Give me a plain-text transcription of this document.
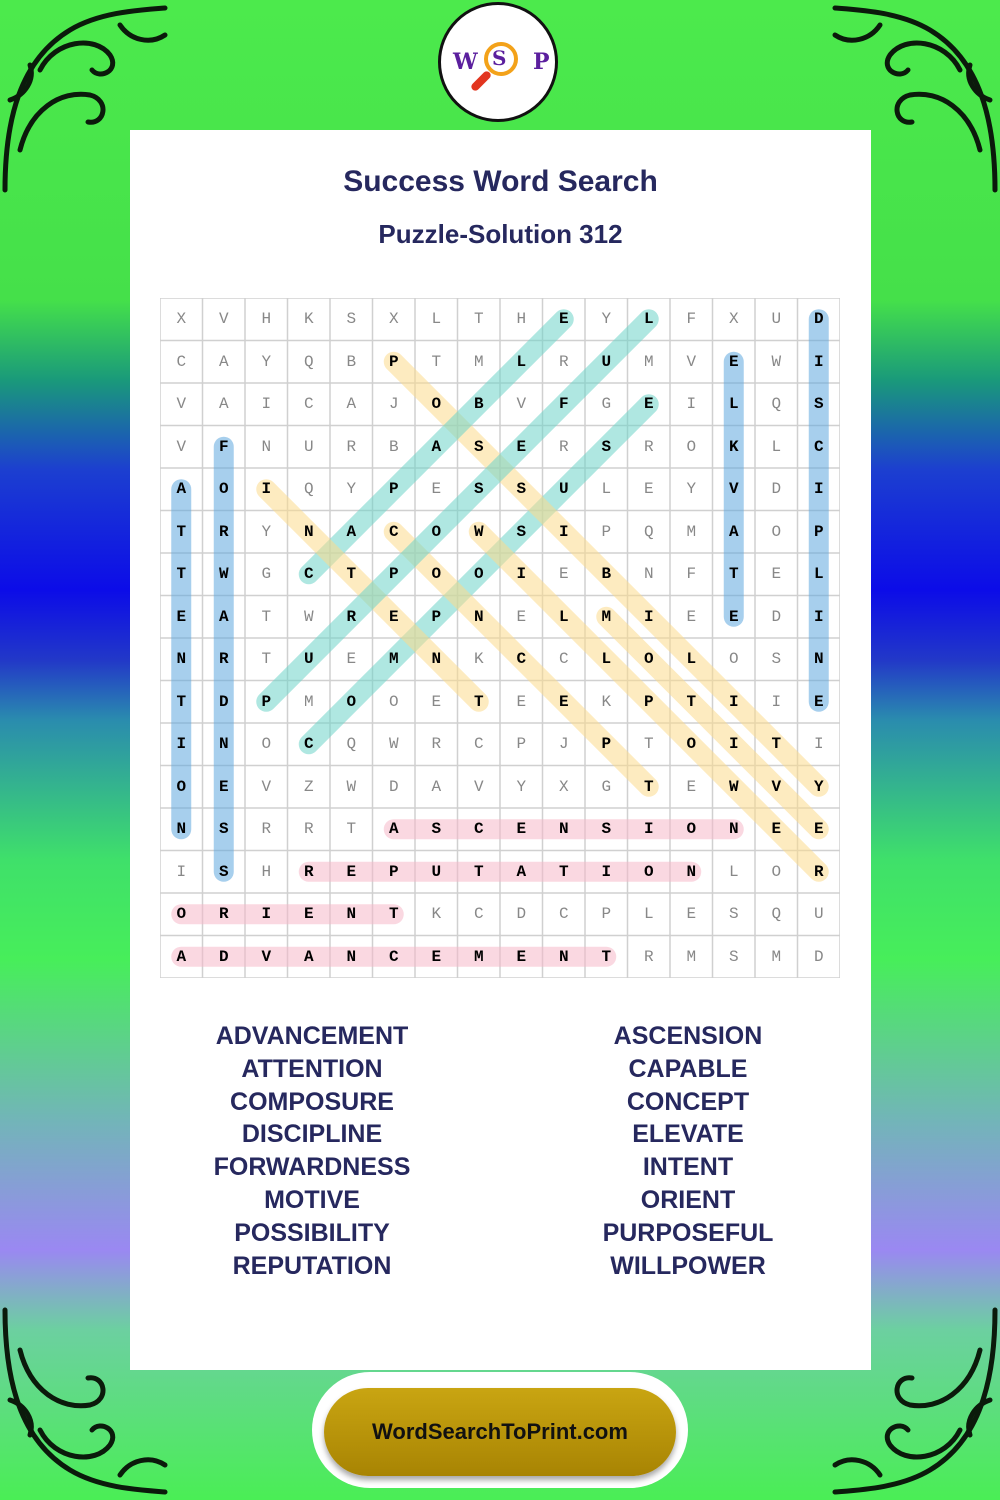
W S P
Success Word Search
Puzzle-Solution 312
X	V	H	K	S	X	L	T	H	E	Y	L	F	X	U	D
C	A	Y	Q	B	P	T	M	L	R	U	M	V	E	W	I
V	A	I	C	A	J	O	B	V	F	G	E	I	L	Q	S
V	F	N	U	R	B	A	S	E	R	S	R	O	K	L	C
A	O	I	Q	Y	P	E	S	S	U	L	E	Y	V	D	I
T	R	Y	N	A	C	O	W	S	I	P	Q	M	A	O	P
T	W	G	C	T	P	O	O	I	E	B	N	F	T	E	L
E	A	T	W	R	E	P	N	E	L	M	I	E	E	D	I
N	R	T	U	E	M	N	K	C	C	L	O	L	O	S	N
T	D	P	M	O	O	E	T	E	E	K	P	T	I	I	E
I	N	O	C	Q	W	R	C	P	J	P	T	O	I	T	I
O	E	V	Z	W	D	A	V	Y	X	G	T	E	W	V	Y
N	S	R	R	T	A	S	C	E	N	S	I	O	N	E	E
I	S	H	R	E	P	U	T	A	T	I	O	N	L	O	R
O	R	I	E	N	T	K	C	D	C	P	L	E	S	Q	U
A	D	V	A	N	C	E	M	E	N	T	R	M	S	M	D
ADVANCEMENT
ATTENTION
COMPOSURE
DISCIPLINE
FORWARDNESS
MOTIVE
POSSIBILITY
REPUTATION
ASCENSION
CAPABLE
CONCEPT
ELEVATE
INTENT
ORIENT
PURPOSEFUL
WILLPOWER
WordSearchToPrint.com
